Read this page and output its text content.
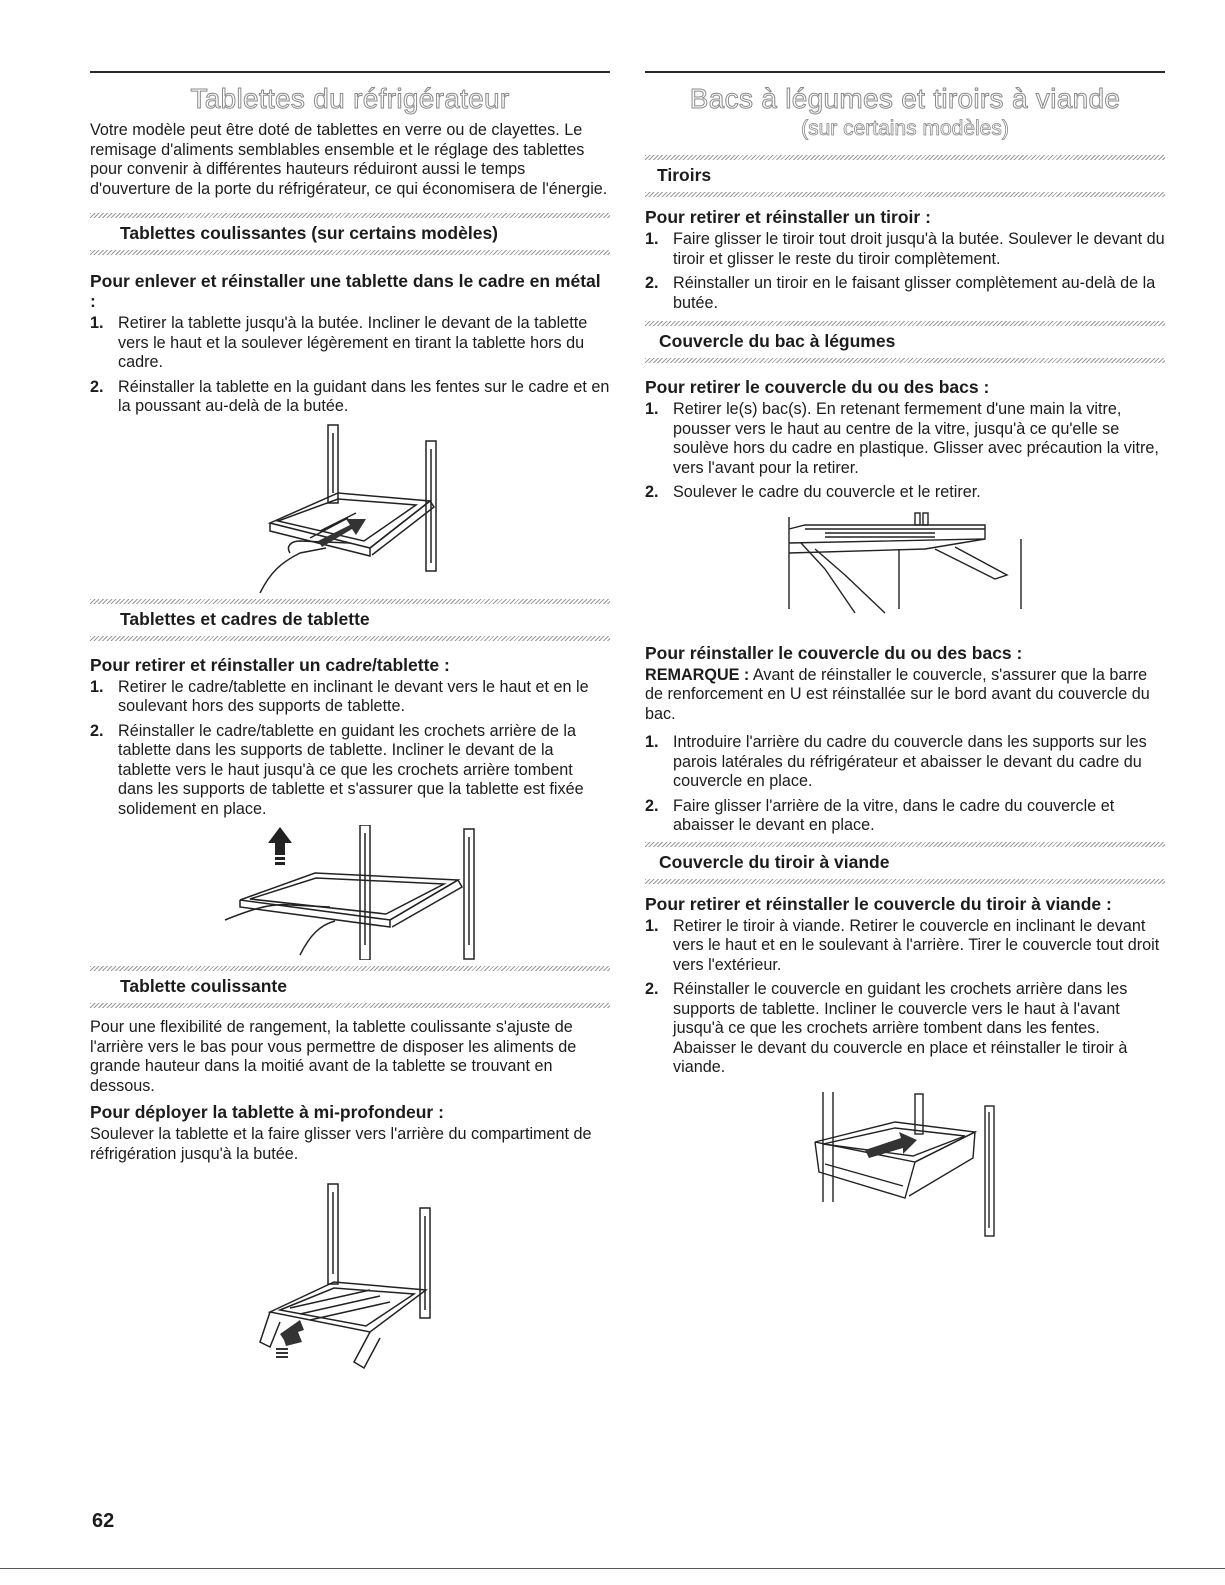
Tablettes du réfrigérateur

Votre modèle peut être doté de tablettes en verre ou de clayettes. Le remisage d'aliments semblables ensemble et le réglage des tablettes pour convenir à différentes hauteurs réduiront aussi le temps d'ouverture de la porte du réfrigérateur, ce qui économisera de l'énergie.

Tablettes coulissantes (sur certains modèles)
Pour enlever et réinstaller une tablette dans le cadre en métal :
1. Retirer la tablette jusqu'à la butée. Incliner le devant de la tablette vers le haut et la soulever légèrement en tirant la tablette hors du cadre.
2. Réinstaller la tablette en la guidant dans les fentes sur le cadre et en la poussant au-delà de la butée.
Tablettes et cadres de tablette
Pour retirer et réinstaller un cadre/tablette :
1. Retirer le cadre/tablette en inclinant le devant vers le haut et en le soulevant hors des supports de tablette.
2. Réinstaller le cadre/tablette en guidant les crochets arrière de la tablette dans les supports de tablette. Incliner le devant de la tablette vers le haut jusqu'à ce que les crochets arrière tombent dans les supports de tablette et s'assurer que la tablette est fixée solidement en place.
Tablette coulissante

Pour une flexibilité de rangement, la tablette coulissante s'ajuste de l'arrière vers le bas pour vous permettre de disposer les aliments de grande hauteur dans la moitié avant de la tablette se trouvant en dessous.

Pour déployer la tablette à mi-profondeur :

Soulever la tablette et la faire glisser vers l'arrière du compartiment de réfrigération jusqu'à la butée.

Bacs à légumes et tiroirs à viande
(sur certains modèles)
Tiroirs
Pour retirer et réinstaller un tiroir :
1. Faire glisser le tiroir tout droit jusqu'à la butée. Soulever le devant du tiroir et glisser le reste du tiroir complètement.
2. Réinstaller un tiroir en le faisant glisser complètement au-delà de la butée.
Couvercle du bac à légumes
Pour retirer le couvercle du ou des bacs :
1. Retirer le(s) bac(s). En retenant fermement d'une main la vitre, pousser vers le haut au centre de la vitre, jusqu'à ce qu'elle se soulève hors du cadre en plastique. Glisser avec précaution la vitre, vers l'avant pour la retirer.
2. Soulever le cadre du couvercle et le retirer.
Pour réinstaller le couvercle du ou des bacs :

REMARQUE : Avant de réinstaller le couvercle, s'assurer que la barre de renforcement en U est réinstallée sur le bord avant du couvercle du bac.

1. Introduire l'arrière du cadre du couvercle dans les supports sur les parois latérales du réfrigérateur et abaisser le devant du cadre du couvercle en place.
2. Faire glisser l'arrière de la vitre, dans le cadre du couvercle et abaisser le devant en place.
Couvercle du tiroir à viande
Pour retirer et réinstaller le couvercle du tiroir à viande :
1. Retirer le tiroir à viande. Retirer le couvercle en inclinant le devant vers le haut et en le soulevant à l'arrière. Tirer le couvercle tout droit vers l'extérieur.
2. Réinstaller le couvercle en guidant les crochets arrière dans les supports de tablette. Incliner le couvercle vers le haut à l'avant jusqu'à ce que les crochets arrière tombent dans les fentes. Abaisser le devant du couvercle en place et réinstaller le tiroir à viande.
62
